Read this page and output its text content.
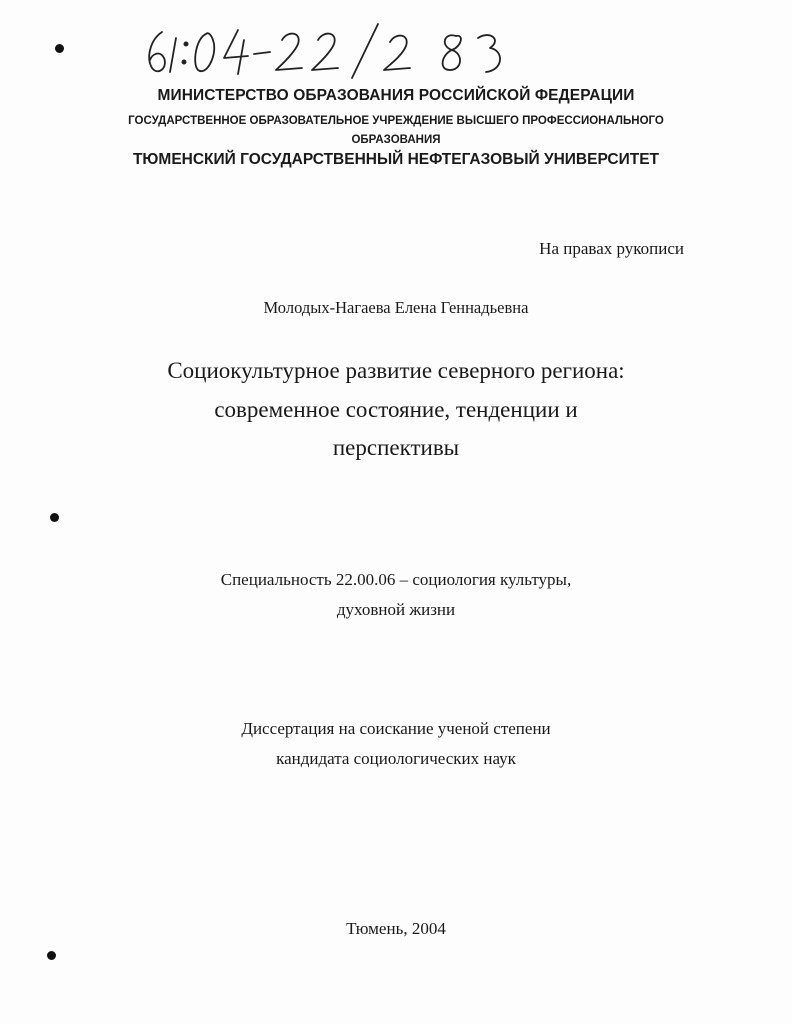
МИНИСТЕРСТВО ОБРАЗОВАНИЯ РОССИЙСКОЙ ФЕДЕРАЦИИ
ГОСУДАРСТВЕННОЕ ОБРАЗОВАТЕЛЬНОЕ УЧРЕЖДЕНИЕ ВЫСШЕГО ПРОФЕССИОНАЛЬНОГО
ОБРАЗОВАНИЯ
ТЮМЕНСКИЙ ГОСУДАРСТВЕННЫЙ НЕФТЕГАЗОВЫЙ УНИВЕРСИТЕТ
На правах рукописи
Молодых-Нагаева Елена Геннадьевна
Социокультурное развитие северного региона:
современное состояние, тенденции и
перспективы
Специальность 22.00.06 – социология культуры,
духовной жизни
Диссертация на соискание ученой степени
кандидата социологических наук
Тюмень, 2004
